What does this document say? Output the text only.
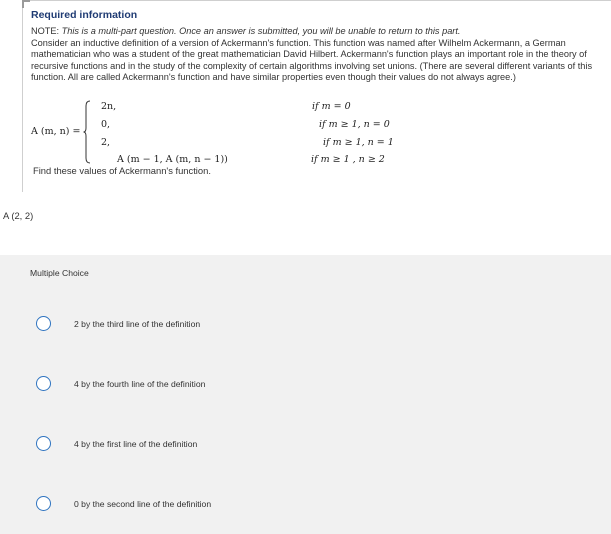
Required information
NOTE: This is a multi-part question. Once an answer is submitted, you will be unable to return to this part.
Consider an inductive definition of a version of Ackermann's function. This function was named after Wilhelm Ackermann, a German mathematician who was a student of the great mathematician David Hilbert. Ackermann's function plays an important role in the theory of recursive functions and in the study of the complexity of certain algorithms involving set unions. (There are several different variants of this function. All are called Ackermann's function and have similar properties even though their values do not always agree.)
A (m, n) =
2n,
0,
2,
A (m − 1, A (m, n − 1))
if m = 0
if m ≥ 1, n = 0
if m ≥ 1, n = 1
if m ≥ 1 , n ≥ 2
Find these values of Ackermann's function.
A (2, 2)
Multiple Choice
2 by the third line of the definition
4 by the fourth line of the definition
4 by the first line of the definition
0 by the second line of the definition
